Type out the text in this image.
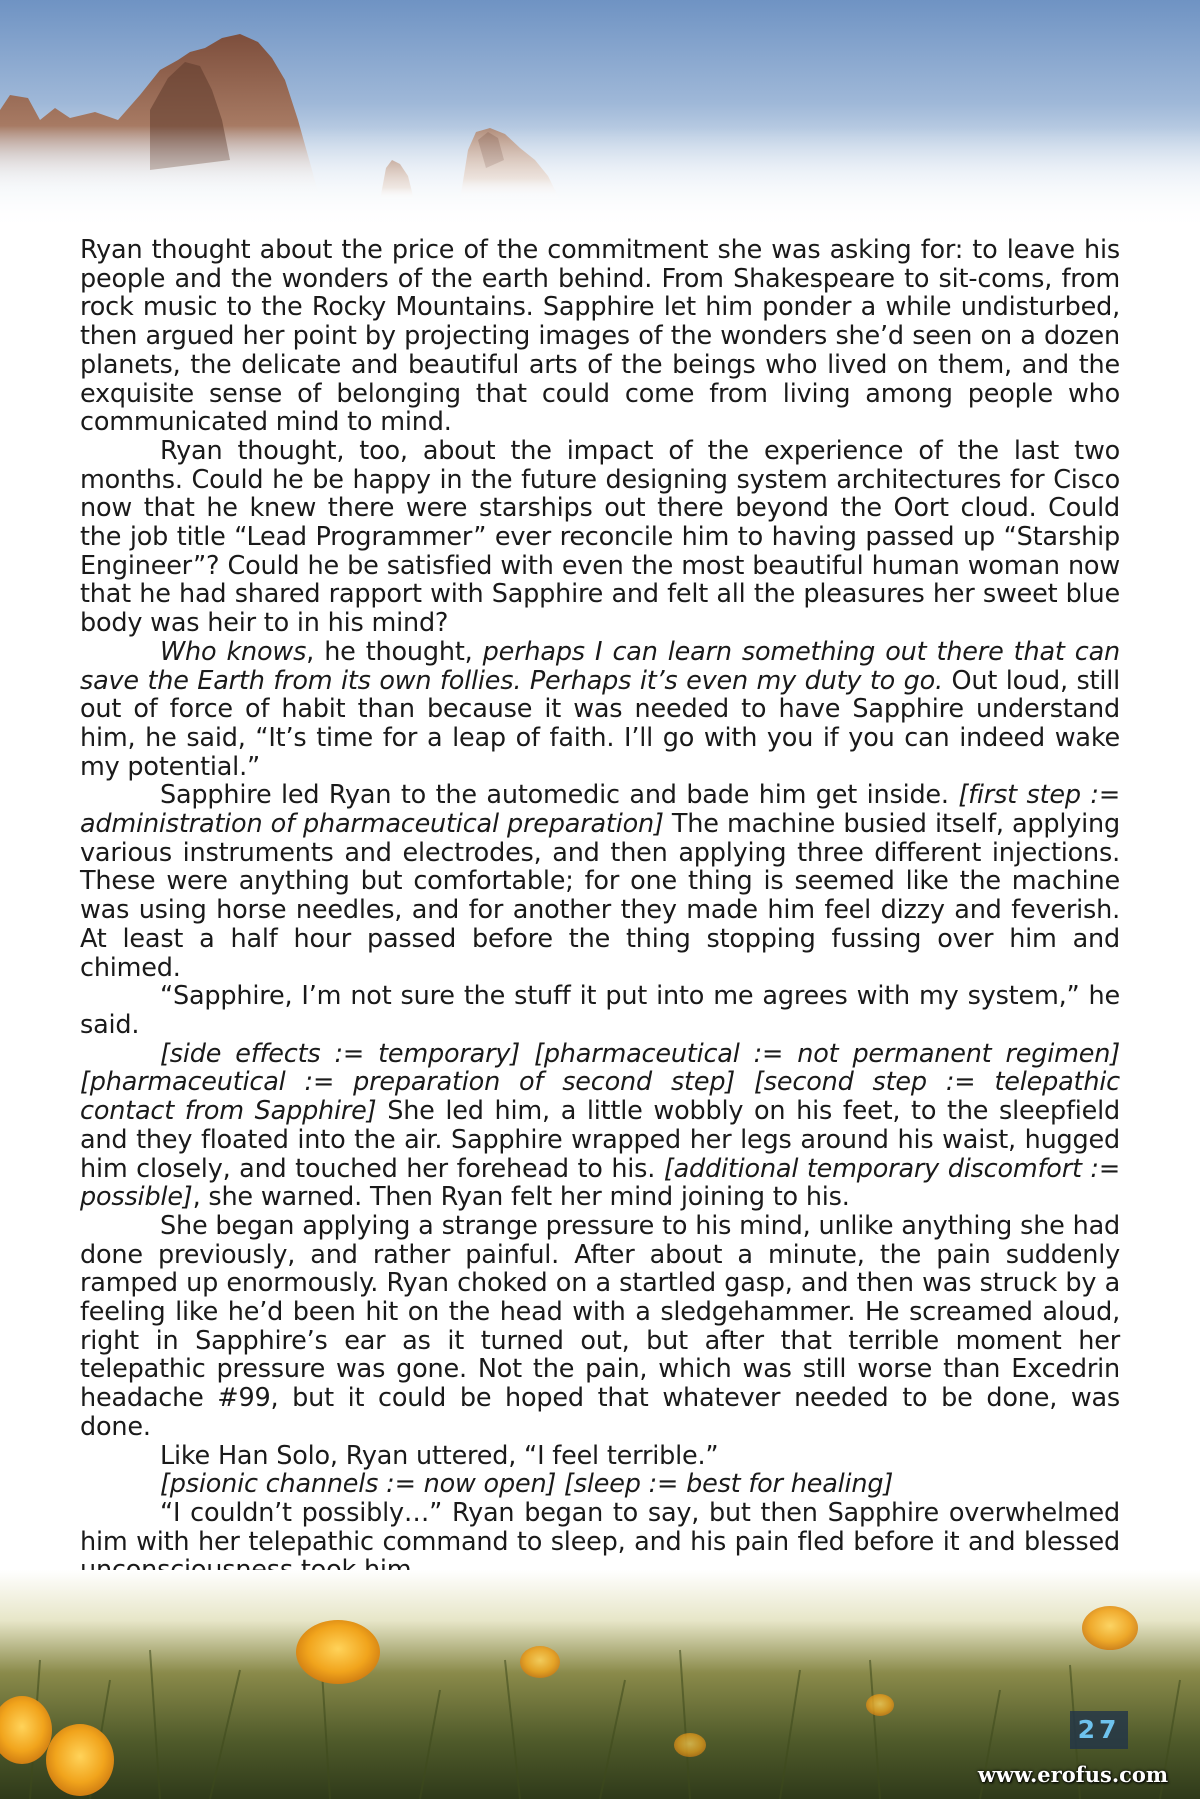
Ryan thought about the price of the commitment she was asking for: to leave his people and the wonders of the earth behind. From Shakespeare to sit-coms, from rock music to the Rocky Mountains. Sapphire let him ponder a while undisturbed, then argued her point by projecting images of the wonders she’d seen on a dozen planets, the delicate and beautiful arts of the beings who lived on them, and the exquisite sense of belonging that could come from living among people who communicated mind to mind.

Ryan thought, too, about the impact of the experience of the last two months. Could he be happy in the future designing system architectures for Cisco now that he knew there were starships out there beyond the Oort cloud. Could the job title “Lead Programmer” ever reconcile him to having passed up “Starship Engineer”? Could he be satisfied with even the most beautiful human woman now that he had shared rapport with Sapphire and felt all the pleasures her sweet blue body was heir to in his mind?

Who knows, he thought, perhaps I can learn something out there that can save the Earth from its own follies. Perhaps it’s even my duty to go. Out loud, still out of force of habit than because it was needed to have Sapphire understand him, he said, “It’s time for a leap of faith. I’ll go with you if you can indeed wake my potential.”

Sapphire led Ryan to the automedic and bade him get inside. [first step := administration of pharmaceutical preparation] The machine busied itself, applying various instruments and electrodes, and then applying three different injections. These were anything but comfortable; for one thing is seemed like the machine was using horse needles, and for another they made him feel dizzy and feverish. At least a half hour passed before the thing stopping fussing over him and chimed.

“Sapphire, I’m not sure the stuff it put into me agrees with my system,” he said.

[side effects := temporary] [pharmaceutical := not permanent regimen] [pharmaceutical := preparation of second step] [second step := telepathic contact from Sapphire] She led him, a little wobbly on his feet, to the sleepfield and they floated into the air. Sapphire wrapped her legs around his waist, hugged him closely, and touched her forehead to his. [additional temporary discomfort := possible], she warned. Then Ryan felt her mind joining to his.

She began applying a strange pressure to his mind, unlike anything she had done previously, and rather painful. After about a minute, the pain suddenly ramped up enormously. Ryan choked on a startled gasp, and then was struck by a feeling like he’d been hit on the head with a sledgehammer. He screamed aloud, right in Sapphire’s ear as it turned out, but after that terrible moment her telepathic pressure was gone. Not the pain, which was still worse than Excedrin headache #99, but it could be hoped that whatever needed to be done, was done.

Like Han Solo, Ryan uttered, “I feel terrible.”

[psionic channels := now open] [sleep := best for healing]

“I couldn’t possibly…” Ryan began to say, but then Sapphire overwhelmed him with her telepathic command to sleep, and his pain fled before it and blessed

27
www.erofus.com
